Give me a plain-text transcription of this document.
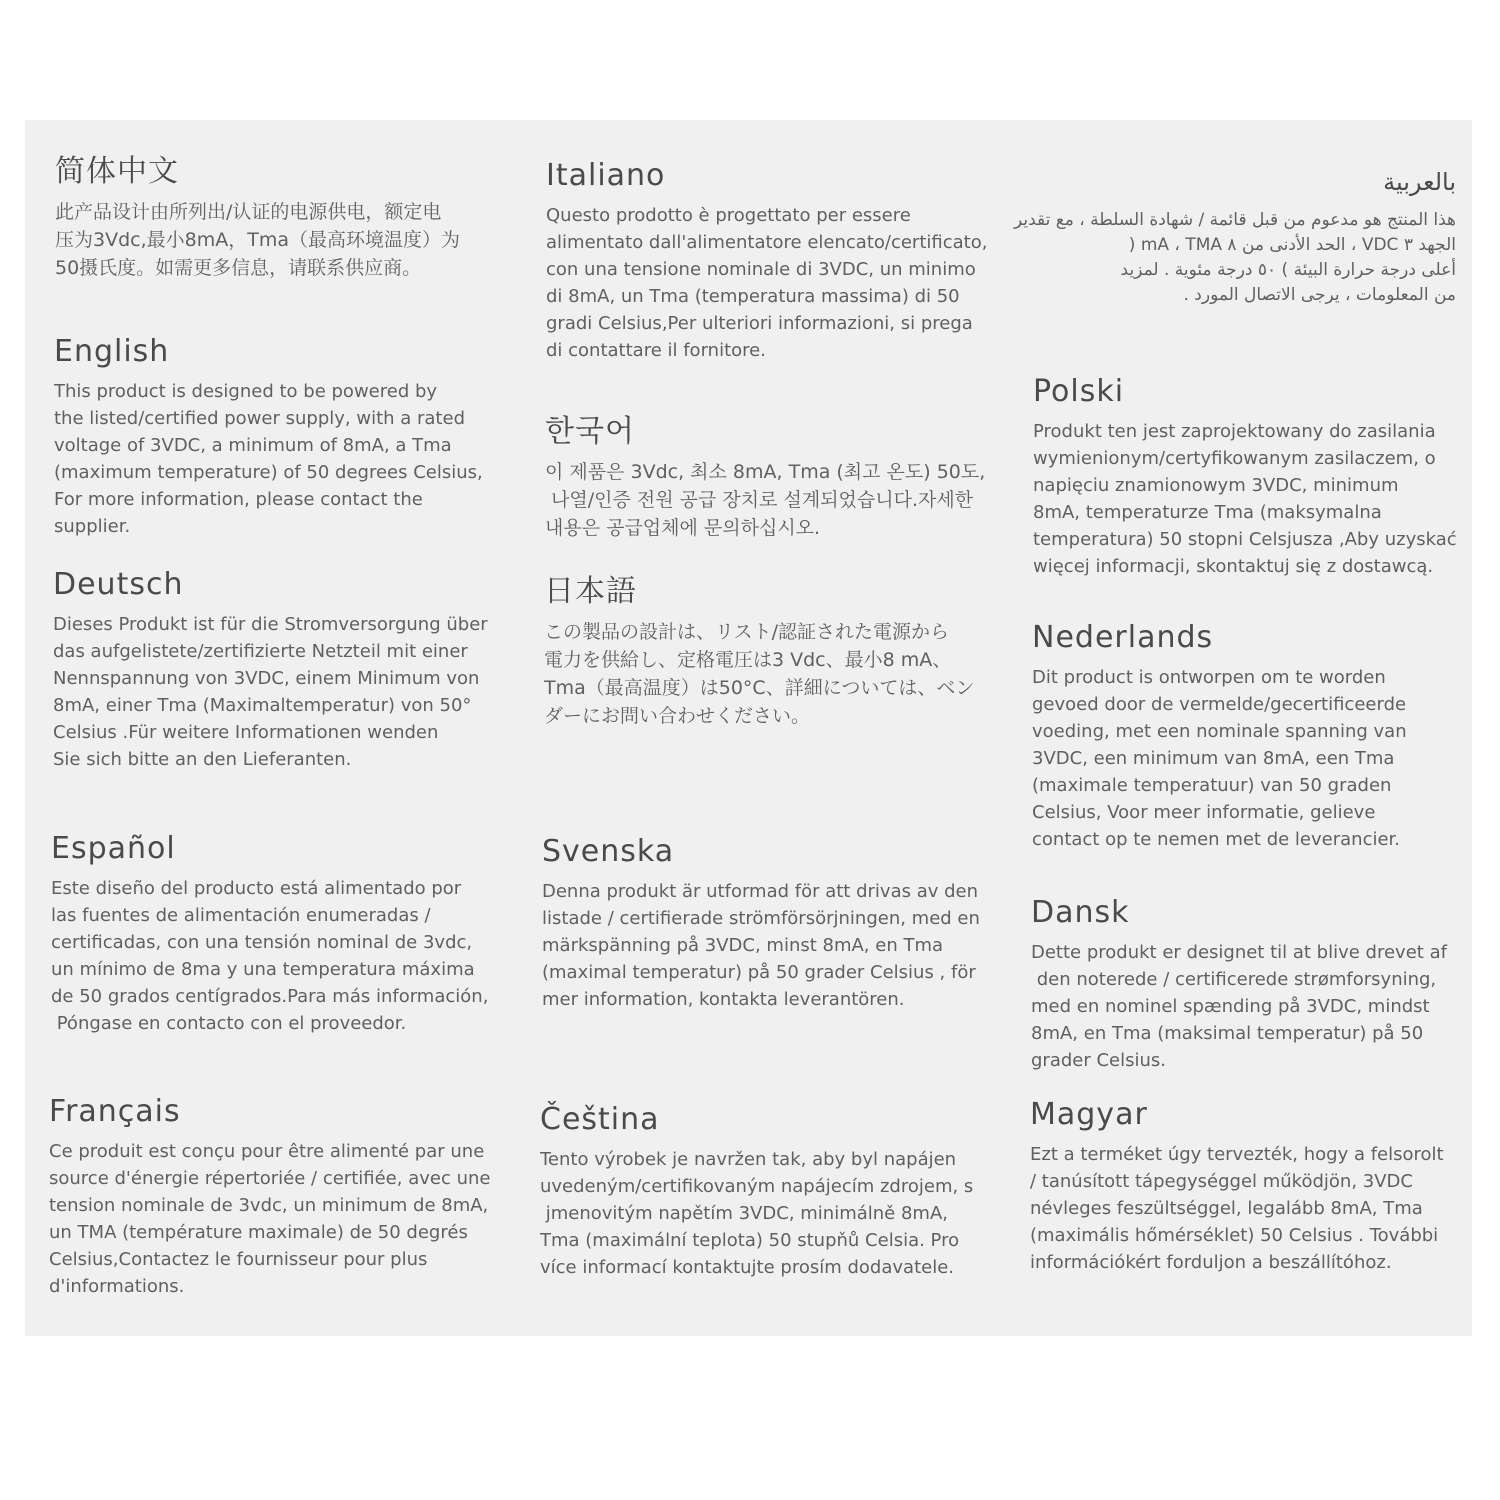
简体中文

此产品设计由所列出/认证的电源供电，额定电
压为3Vdc,最小8mA，Tma（最高环境温度）为
50摄氏度。如需更多信息，请联系供应商。

English

This product is designed to be powered by
the listed/certified power supply, with a rated
voltage of 3VDC, a minimum of 8mA, a Tma
(maximum temperature) of 50 degrees Celsius,
For more information, please contact the
supplier.

Deutsch

Dieses Produkt ist für die Stromversorgung über
das aufgelistete/zertifizierte Netzteil mit einer
Nennspannung von 3VDC, einem Minimum von
8mA, einer Tma (Maximaltemperatur) von 50°
Celsius .Für weitere Informationen wenden
Sie sich bitte an den Lieferanten.

Español

Este diseño del producto está alimentado por
las fuentes de alimentación enumeradas /
certificadas, con una tensión nominal de 3vdc,
un mínimo de 8ma y una temperatura máxima
de 50 grados centígrados.Para más información,
Póngase en contacto con el proveedor.

Français

Ce produit est conçu pour être alimenté par une
source d'énergie répertoriée / certifiée, avec une
tension nominale de 3vdc, un minimum de 8mA,
un TMA (température maximale) de 50 degrés
Celsius,Contactez le fournisseur pour plus
d'informations.

Italiano

Questo prodotto è progettato per essere
alimentato dall'alimentatore elencato/certificato,
con una tensione nominale di 3VDC, un minimo
di 8mA, un Tma (temperatura massima) di 50
gradi Celsius,Per ulteriori informazioni, si prega
di contattare il fornitore.

한국어

이 제품은 3Vdc, 최소 8mA, Tma (최고 온도) 50도,
나열/인증 전원 공급 장치로 설계되었습니다.자세한
내용은 공급업체에 문의하십시오.

日本語

この製品の設計は、リスト/認証された電源から
電力を供給し、定格電圧は3 Vdc、最小8 mA、
Tma（最高温度）は50°C、詳細については、ベン
ダーにお問い合わせください。

Svenska

Denna produkt är utformad för att drivas av den
listade / certifierade strömförsörjningen, med en
märkspänning på 3VDC, minst 8mA, en Tma
(maximal temperatur) på 50 grader Celsius , för
mer information, kontakta leverantören.

Čeština

Tento výrobek je navržen tak, aby byl napájen
uvedeným/certifikovaným napájecím zdrojem, s
jmenovitým napětím 3VDC, minimálně 8mA,
Tma (maximální teplota) 50 stupňů Celsia. Pro
více informací kontaktujte prosím dodavatele.

بالعربية

هذا المنتج هو مدعوم من قبل قائمة / شهادة السلطة ، مع تقدير
الجهد ٣ VDC ، الحد الأدنى من ٨ mA ، TMA (
أعلى درجة حرارة البيئة ) ٥٠ درجة مئوية . لمزيد
من المعلومات ، يرجى الاتصال المورد .

Polski

Produkt ten jest zaprojektowany do zasilania
wymienionym/certyfikowanym zasilaczem, o
napięciu znamionowym 3VDC, minimum
8mA, temperaturze Tma (maksymalna
temperatura) 50 stopni Celsjusza ,Aby uzyskać
więcej informacji, skontaktuj się z dostawcą.

Nederlands

Dit product is ontworpen om te worden
gevoed door de vermelde/gecertificeerde
voeding, met een nominale spanning van
3VDC, een minimum van 8mA, een Tma
(maximale temperatuur) van 50 graden
Celsius, Voor meer informatie, gelieve
contact op te nemen met de leverancier.

Dansk

Dette produkt er designet til at blive drevet af
den noterede / certificerede strømforsyning,
med en nominel spænding på 3VDC, mindst
8mA, en Tma (maksimal temperatur) på 50
grader Celsius.

Magyar

Ezt a terméket úgy tervezték, hogy a felsorolt
/ tanúsított tápegységgel működjön, 3VDC
névleges feszültséggel, legalább 8mA, Tma
(maximális hőmérséklet) 50 Celsius . További
információkért forduljon a beszállítóhoz.
